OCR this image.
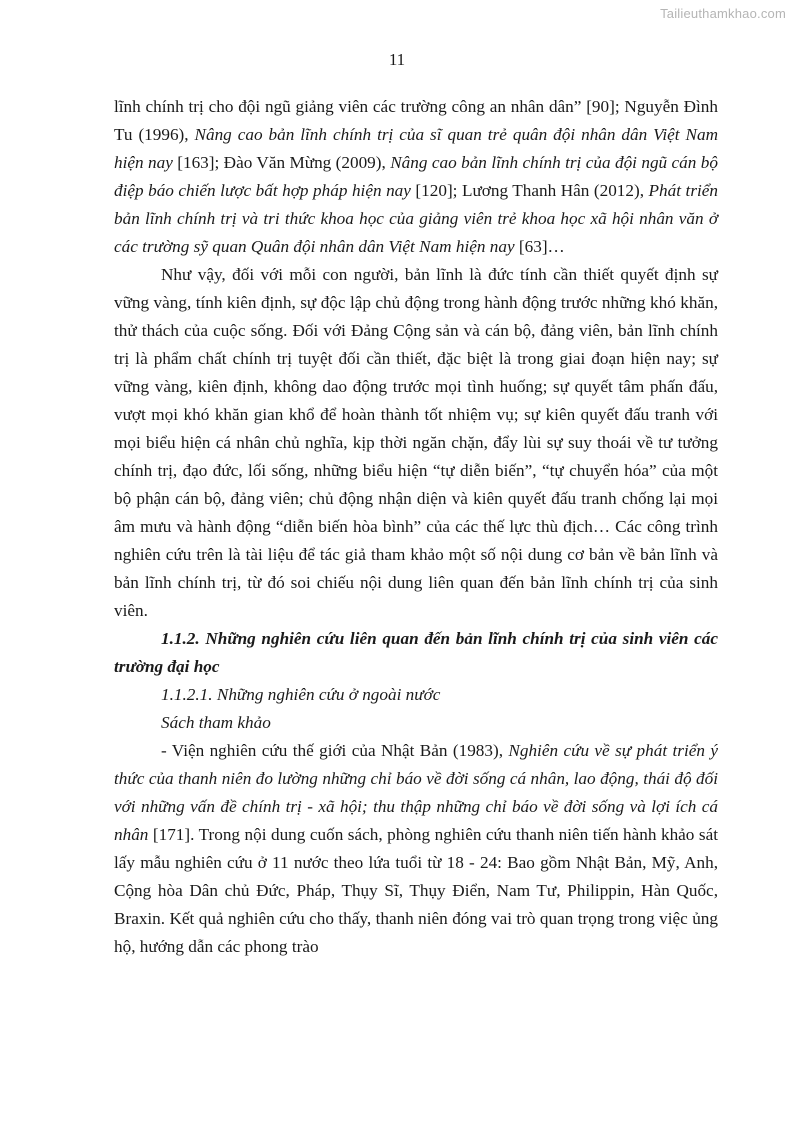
Tailieuthamkhao.com
11

lĩnh chính trị cho đội ngũ giảng viên các trường công an nhân dân” [90]; Nguyễn Đình Tu (1996), Nâng cao bản lĩnh chính trị của sĩ quan trẻ quân đội nhân dân Việt Nam hiện nay [163]; Đào Văn Mừng (2009), Nâng cao bản lĩnh chính trị của đội ngũ cán bộ điệp báo chiến lược bất hợp pháp hiện nay [120]; Lương Thanh Hân (2012), Phát triển bản lĩnh chính trị và tri thức khoa học của giảng viên trẻ khoa học xã hội nhân văn ở các trường sỹ quan Quân đội nhân dân Việt Nam hiện nay [63]…

Như vậy, đối với mỗi con người, bản lĩnh là đức tính cần thiết quyết định sự vững vàng, tính kiên định, sự độc lập chủ động trong hành động trước những khó khăn, thử thách của cuộc sống. Đối với Đảng Cộng sản và cán bộ, đảng viên, bản lĩnh chính trị là phẩm chất chính trị tuyệt đối cần thiết, đặc biệt là trong giai đoạn hiện nay; sự vững vàng, kiên định, không dao động trước mọi tình huống; sự quyết tâm phấn đấu, vượt mọi khó khăn gian khổ để hoàn thành tốt nhiệm vụ; sự kiên quyết đấu tranh với mọi biểu hiện cá nhân chủ nghĩa, kịp thời ngăn chặn, đẩy lùi sự suy thoái về tư tưởng chính trị, đạo đức, lối sống, những biểu hiện “tự diễn biến”, “tự chuyển hóa” của một bộ phận cán bộ, đảng viên; chủ động nhận diện và kiên quyết đấu tranh chống lại mọi âm mưu và hành động “diễn biến hòa bình” của các thế lực thù địch… Các công trình nghiên cứu trên là tài liệu để tác giả tham khảo một số nội dung cơ bản về bản lĩnh và bản lĩnh chính trị, từ đó soi chiếu nội dung liên quan đến bản lĩnh chính trị của sinh viên.

1.1.2. Những nghiên cứu liên quan đến bản lĩnh chính trị của sinh viên các trường đại học

1.1.2.1. Những nghiên cứu ở ngoài nước

Sách tham khảo

- Viện nghiên cứu thế giới của Nhật Bản (1983), Nghiên cứu về sự phát triển ý thức của thanh niên đo lường những chỉ báo về đời sống cá nhân, lao động, thái độ đối với những vấn đề chính trị - xã hội; thu thập những chỉ báo về đời sống và lợi ích cá nhân [171]. Trong nội dung cuốn sách, phòng nghiên cứu thanh niên tiến hành khảo sát lấy mẫu nghiên cứu ở 11 nước theo lứa tuổi từ 18 - 24: Bao gồm Nhật Bản, Mỹ, Anh, Cộng hòa Dân chủ Đức, Pháp, Thụy Sĩ, Thụy Điển, Nam Tư, Philippin, Hàn Quốc, Braxin. Kết quả nghiên cứu cho thấy, thanh niên đóng vai trò quan trọng trong việc ủng hộ, hướng dẫn các phong trào
